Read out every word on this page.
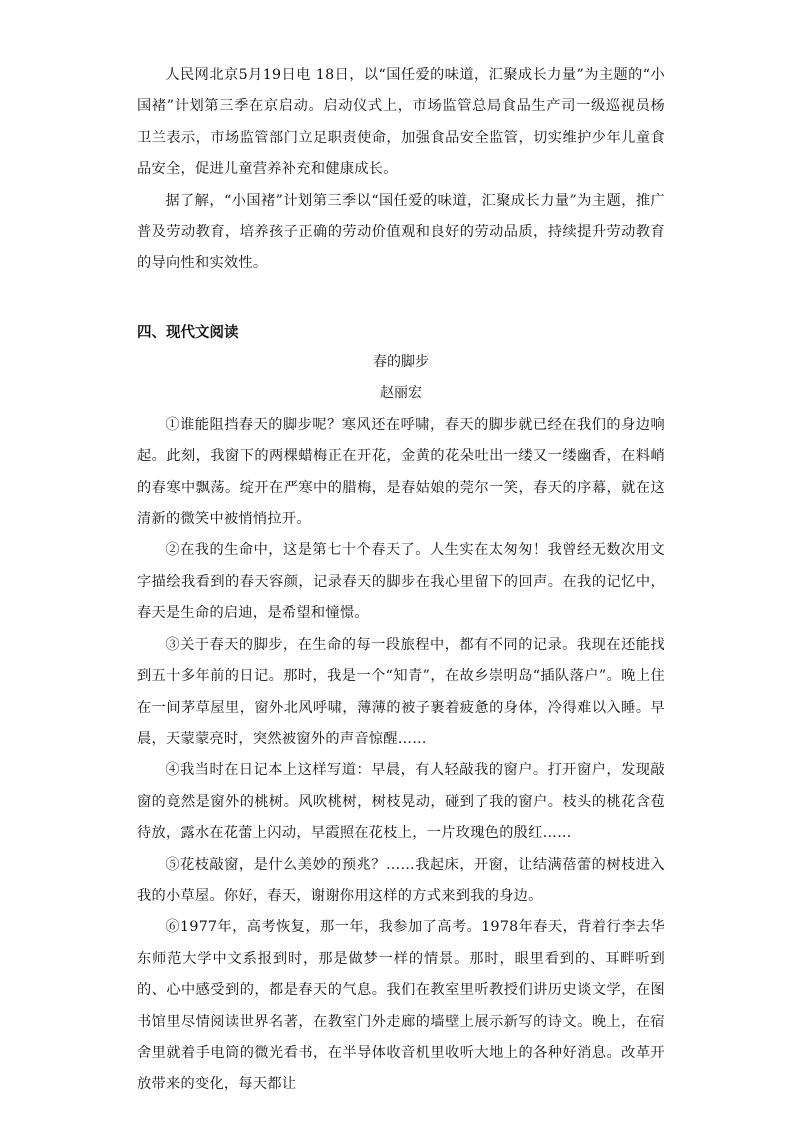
人民网北京5月19日电 18日，以“国任爱的味道，汇聚成长力量”为主题的“小国褚”计划第三季在京启动。启动仪式上，市场监管总局食品生产司一级巡视员杨卫兰表示，市场监管部门立足职责使命，加强食品安全监管，切实维护少年儿童食品安全，促进儿童营养补充和健康成长。

据了解，“小国褚”计划第三季以“国任爱的味道，汇聚成长力量”为主题，推广普及劳动教育，培养孩子正确的劳动价值观和良好的劳动品质，持续提升劳动教育的导向性和实效性。

四、现代文阅读

春的脚步

赵丽宏

①谁能阻挡春天的脚步呢？寒风还在呼啸，春天的脚步就已经在我们的身边响起。此刻，我窗下的两棵蜡梅正在开花，金黄的花朵吐出一缕又一缕幽香，在料峭的春寒中飘荡。绽开在严寒中的腊梅，是春姑娘的莞尔一笑，春天的序幕，就在这清新的微笑中被悄悄拉开。

②在我的生命中，这是第七十个春天了。人生实在太匆匆！我曾经无数次用文字描绘我看到的春天容颜，记录春天的脚步在我心里留下的回声。在我的记忆中，春天是生命的启迪，是希望和憧憬。

③关于春天的脚步，在生命的每一段旅程中，都有不同的记录。我现在还能找到五十多年前的日记。那时，我是一个“知青”，在故乡崇明岛“插队落户”。晚上住在一间茅草屋里，窗外北风呼啸，薄薄的被子裹着疲惫的身体，冷得难以入睡。早晨，天蒙蒙亮时，突然被窗外的声音惊醒……

④我当时在日记本上这样写道：早晨，有人轻敲我的窗户。打开窗户，发现敲窗的竟然是窗外的桃树。风吹桃树，树枝晃动，碰到了我的窗户。枝头的桃花含苞待放，露水在花蕾上闪动，早霞照在花枝上，一片玫瑰色的殷红……

⑤花枝敲窗，是什么美妙的预兆？……我起床，开窗，让结满蓓蕾的树枝进入我的小草屋。你好，春天，谢谢你用这样的方式来到我的身边。

⑥1977年，高考恢复，那一年，我参加了高考。1978年春天，背着行李去华东师范大学中文系报到时，那是做梦一样的情景。那时，眼里看到的、耳畔听到的、心中感受到的，都是春天的气息。我们在教室里听教授们讲历史谈文学，在图书馆里尽情阅读世界名著，在教室门外走廊的墙壁上展示新写的诗文。晚上，在宿舍里就着手电筒的微光看书，在半导体收音机里收听大地上的各种好消息。改革开放带来的变化，每天都让
